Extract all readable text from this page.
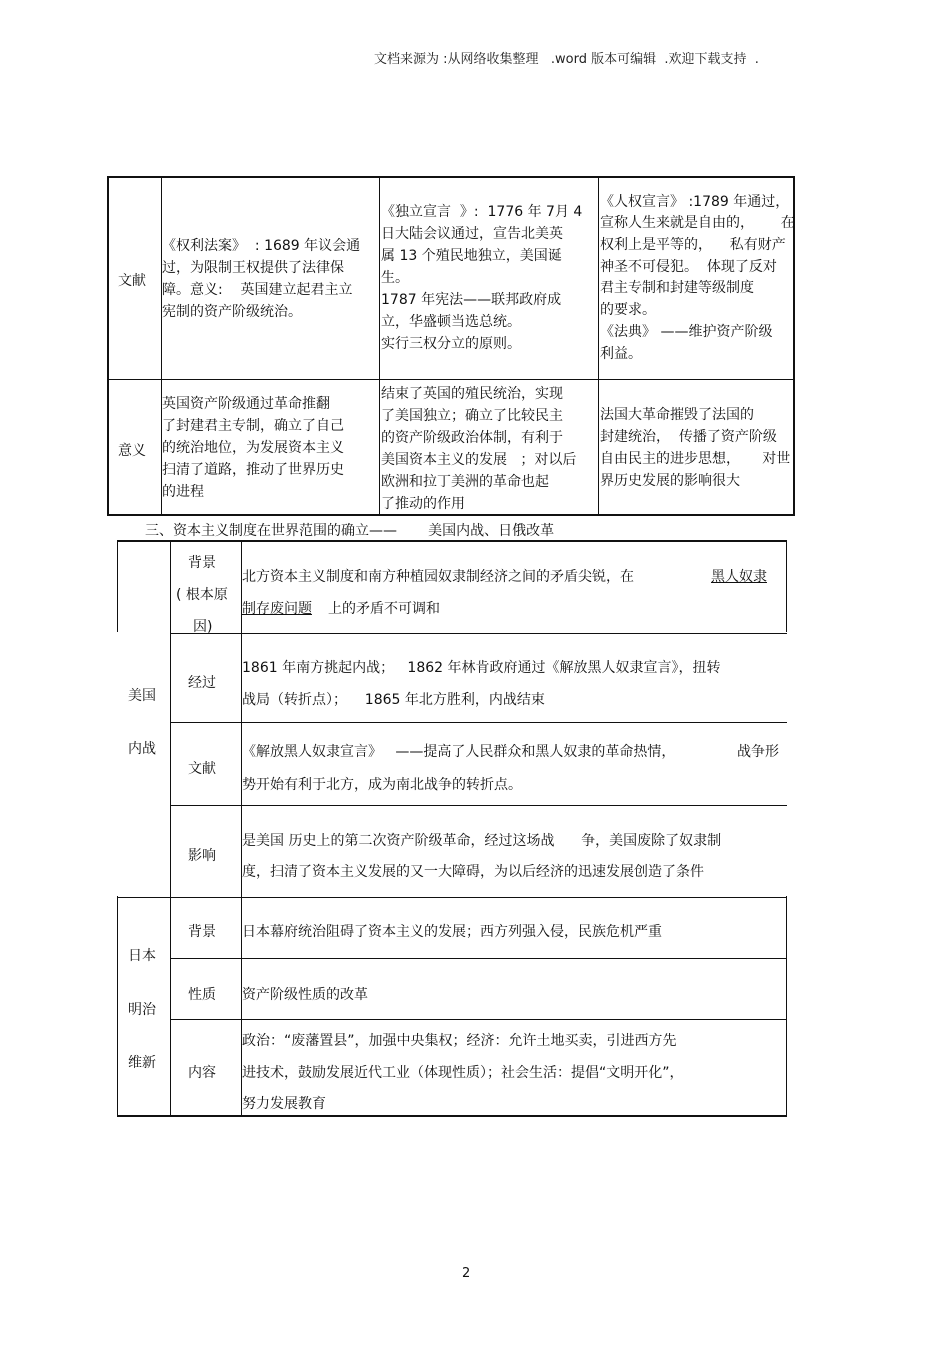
文档来源为 :从网络收集整理   .word 版本可编辑  .欢迎下载支持  .
文献
《权利法案》  : 1689 年议会通
过，为限制王权提供了法律保
障。意义:    英国建立起君主立
宪制的资产阶级统治。
《独立宣言  》:  1776 年 7月 4
日大陆会议通过，宣告北美英
属 13 个殖民地独立，美国诞
生。
1787 年宪法——联邦政府成
立，华盛顿当选总统。
实行三权分立的原则。
《人权宣言》 :1789 年通过，
宣称人生来就是自由的，      在
权利上是平等的，    私有财产
神圣不可侵犯。  体现了反对
君主专制和封建等级制度
的要求。
《法典》 ——维护资产阶级
利益。
意义
英国资产阶级通过革命推翻
了封建君主专制，确立了自己
的统治地位，为发展资本主义
扫清了道路，推动了世界历史
的进程
结束了英国的殖民统治，实现
了美国独立；确立了比较民主
的资产阶级政治体制，有利于
美国资本主义的发展   ；对以后
欧洲和拉丁美洲的革命也起
了推动的作用
法国大革命摧毁了法国的
封建统治，  传播了资产阶级
自由民主的进步思想，     对世
界历史发展的影响很大
三、资本主义制度在世界范围的确立——       美国内战、日俄改革
美国
内战
背景
( 根本原
因)
北方资本主义制度和南方种植园奴隶制经济之间的矛盾尖锐，在	黑人奴隶
制存废问题 上的矛盾不可调和
经过
1861 年南方挑起内战；   1862 年林肯政府通过《解放黑人奴隶宣言》，扭转
战局（转折点）；    1865 年北方胜利，内战结束
文献
《解放黑人奴隶宣言》   ——提高了人民群众和黑人奴隶的革命热情，	战争形
势开始有利于北方，成为南北战争的转折点。
影响
是美国 历史上的第二次资产阶级革命，经过这场战      争，美国废除了奴隶制
度，扫清了资本主义发展的又一大障碍，为以后经济的迅速发展创造了条件
日本
明治
维新
背景 日本幕府统治阻碍了资本主义的发展；西方列强入侵，民族危机严重
性质 资产阶级性质的改革
内容
政治：“废藩置县”，加强中央集权；经济：允许土地买卖，引进西方先
进技术，鼓励发展近代工业（体现性质）；社会生活：提倡“文明开化”，
努力发展教育
2
